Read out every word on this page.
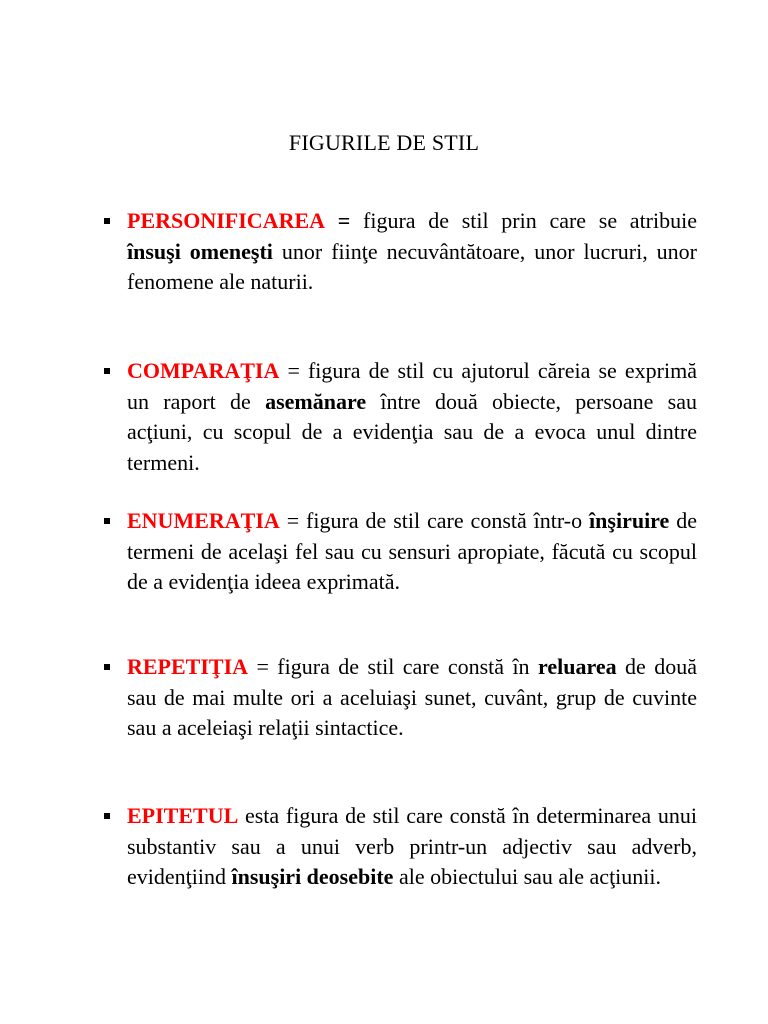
FIGURILE DE STIL
PERSONIFICAREA = figura de stil prin care se atribuie însuşi omeneşti unor fiinţe necuvântătoare, unor lucruri, unor fenomene ale naturii.
COMPARAŢIA = figura de stil cu ajutorul căreia se exprimă un raport de asemănare între două obiecte, persoane sau acţiuni, cu scopul de a evidenţia sau de a evoca unul dintre termeni.
ENUMERAŢIA = figura de stil care constă într-o înşiruire de termeni de acelaşi fel sau cu sensuri apropiate, făcută cu scopul de a evidenţia ideea exprimată.
REPETIŢIA = figura de stil care constă în reluarea de două sau de mai multe ori a aceluiaşi sunet, cuvânt, grup de cuvinte sau a aceleiaşi relaţii sintactice.
EPITETUL esta figura de stil care constă în determinarea unui substantiv sau a unui verb printr-un adjectiv sau adverb, evidenţiind însuşiri deosebite ale obiectului sau ale acţiunii.
